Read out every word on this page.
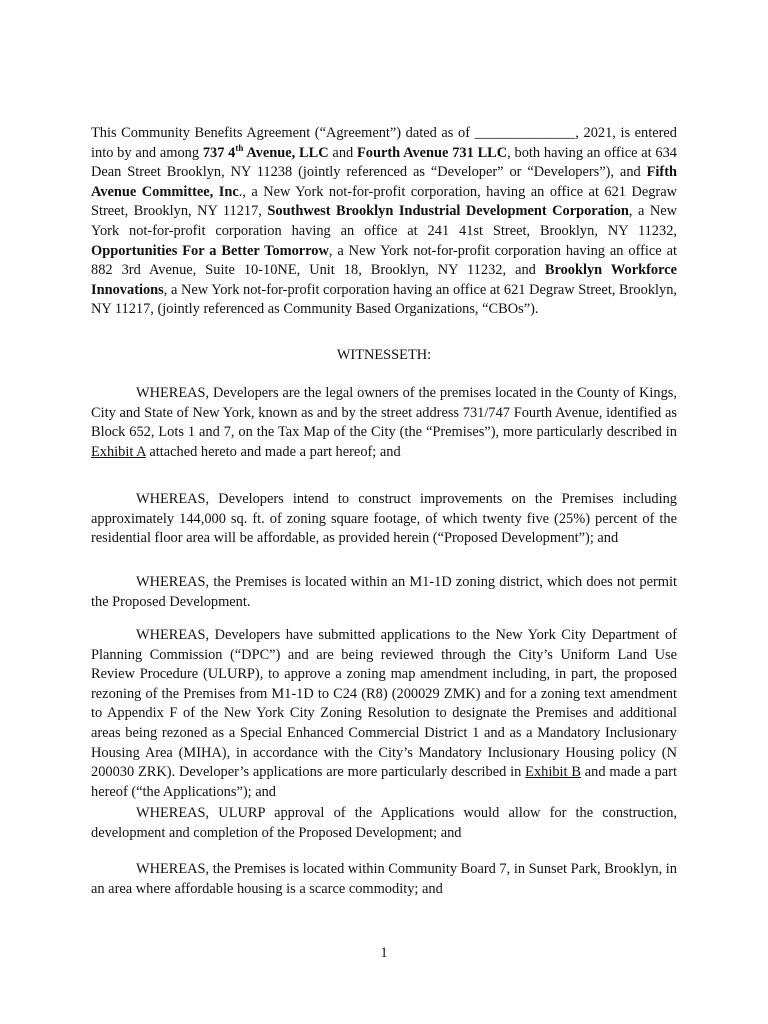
This Community Benefits Agreement (“Agreement”) dated as of ______________, 2021, is entered into by and among 737 4th Avenue, LLC and Fourth Avenue 731 LLC, both having an office at 634 Dean Street Brooklyn, NY 11238 (jointly referenced as “Developer” or “Developers”), and Fifth Avenue Committee, Inc., a New York not-for-profit corporation, having an office at 621 Degraw Street, Brooklyn, NY 11217, Southwest Brooklyn Industrial Development Corporation, a New York not-for-profit corporation having an office at 241 41st Street, Brooklyn, NY 11232, Opportunities For a Better Tomorrow, a New York not-for-profit corporation having an office at 882 3rd Avenue, Suite 10-10NE, Unit 18, Brooklyn, NY 11232, and Brooklyn Workforce Innovations, a New York not-for-profit corporation having an office at 621 Degraw Street, Brooklyn, NY 11217, (jointly referenced as Community Based Organizations, “CBOs”).

WITNESSETH:

WHEREAS, Developers are the legal owners of the premises located in the County of Kings, City and State of New York, known as and by the street address 731/747 Fourth Avenue, identified as Block 652, Lots 1 and 7, on the Tax Map of the City (the “Premises”), more particularly described in Exhibit A attached hereto and made a part hereof; and

WHEREAS, Developers intend to construct improvements on the Premises including approximately 144,000 sq. ft. of zoning square footage, of which twenty five (25%) percent of the residential floor area will be affordable, as provided herein (“Proposed Development”); and

WHEREAS, the Premises is located within an M1-1D zoning district, which does not permit the Proposed Development.

WHEREAS, Developers have submitted applications to the New York City Department of Planning Commission (“DPC”) and are being reviewed through the City’s Uniform Land Use Review Procedure (ULURP), to approve a zoning map amendment including, in part, the proposed rezoning of the Premises from M1-1D to C24 (R8) (200029 ZMK) and for a zoning text amendment to Appendix F of the New York City Zoning Resolution to designate the Premises and additional areas being rezoned as a Special Enhanced Commercial District 1 and as a Mandatory Inclusionary Housing Area (MIHA), in accordance with the City’s Mandatory Inclusionary Housing policy (N 200030 ZRK). Developer’s applications are more particularly described in Exhibit B and made a part hereof (“the Applications”); and

WHEREAS, ULURP approval of the Applications would allow for the construction, development and completion of the Proposed Development; and

WHEREAS, the Premises is located within Community Board 7, in Sunset Park, Brooklyn, in an area where affordable housing is a scarce commodity; and

1
